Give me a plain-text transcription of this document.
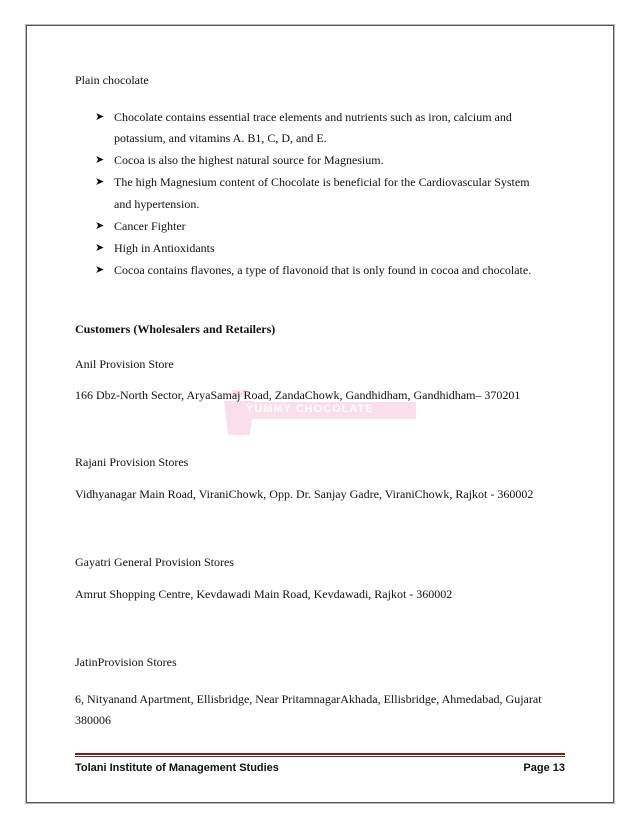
YUMMY CHOCOLATE
Plain chocolate
➤ Chocolate contains essential trace elements and nutrients such as iron, calcium and
potassium, and vitamins A. B1, C, D, and E.
➤ Cocoa is also the highest natural source for Magnesium.
➤ The high Magnesium content of Chocolate is beneficial for the Cardiovascular System
and hypertension.
➤ Cancer Fighter
➤ High in Antioxidants
➤ Cocoa contains flavones, a type of flavonoid that is only found in cocoa and chocolate.
Customers (Wholesalers and Retailers)
Anil Provision Store
166 Dbz-North Sector, AryaSamaj Road, ZandaChowk, Gandhidham, Gandhidham– 370201
Rajani Provision Stores
Vidhyanagar Main Road, ViraniChowk, Opp. Dr. Sanjay Gadre, ViraniChowk, Rajkot - 360002
Gayatri General Provision Stores
Amrut Shopping Centre, Kevdawadi Main Road, Kevdawadi, Rajkot - 360002
JatinProvision Stores
6, Nityanand Apartment, Ellisbridge, Near PritamnagarAkhada, Ellisbridge, Ahmedabad, Gujarat
380006
Tolani Institute of Management Studies	Page 13
